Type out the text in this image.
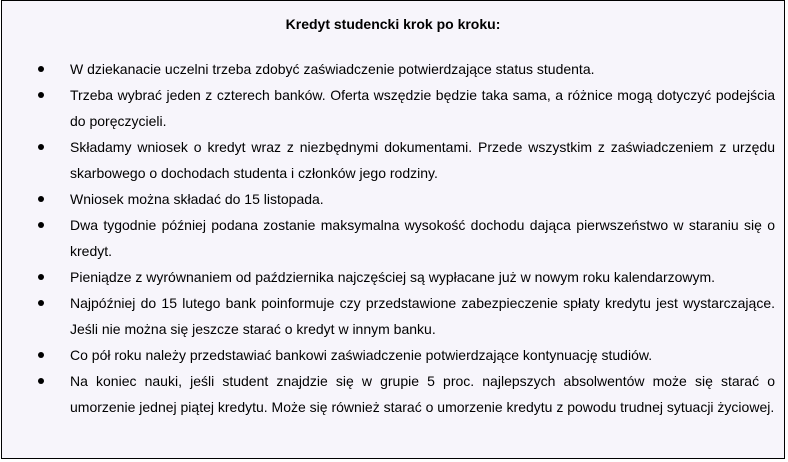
Kredyt studencki krok po kroku:
W dziekanacie uczelni trzeba zdobyć zaświadczenie potwierdzające status studenta.
Trzeba wybrać jeden z czterech banków. Oferta wszędzie będzie taka sama, a różnice mogą dotyczyć podejścia do poręczycieli.
Składamy wniosek o kredyt wraz z niezbędnymi dokumentami. Przede wszystkim z zaświadczeniem z urzędu skarbowego o dochodach studenta i członków jego rodziny.
Wniosek można składać do 15 listopada.
Dwa tygodnie później podana zostanie maksymalna wysokość dochodu dająca pierwszeństwo w staraniu się o kredyt.
Pieniądze z wyrównaniem od października najczęściej są wypłacane już w nowym roku kalendarzowym.
Najpóźniej do 15 lutego bank poinformuje czy przedstawione zabezpieczenie spłaty kredytu jest wystarczające. Jeśli nie można się jeszcze starać o kredyt w innym banku.
Co pół roku należy przedstawiać bankowi zaświadczenie potwierdzające kontynuację studiów.
Na koniec nauki, jeśli student znajdzie się w grupie 5 proc. najlepszych absolwentów może się starać o umorzenie jednej piątej kredytu. Może się również starać o umorzenie kredytu z powodu trudnej sytuacji życiowej.
